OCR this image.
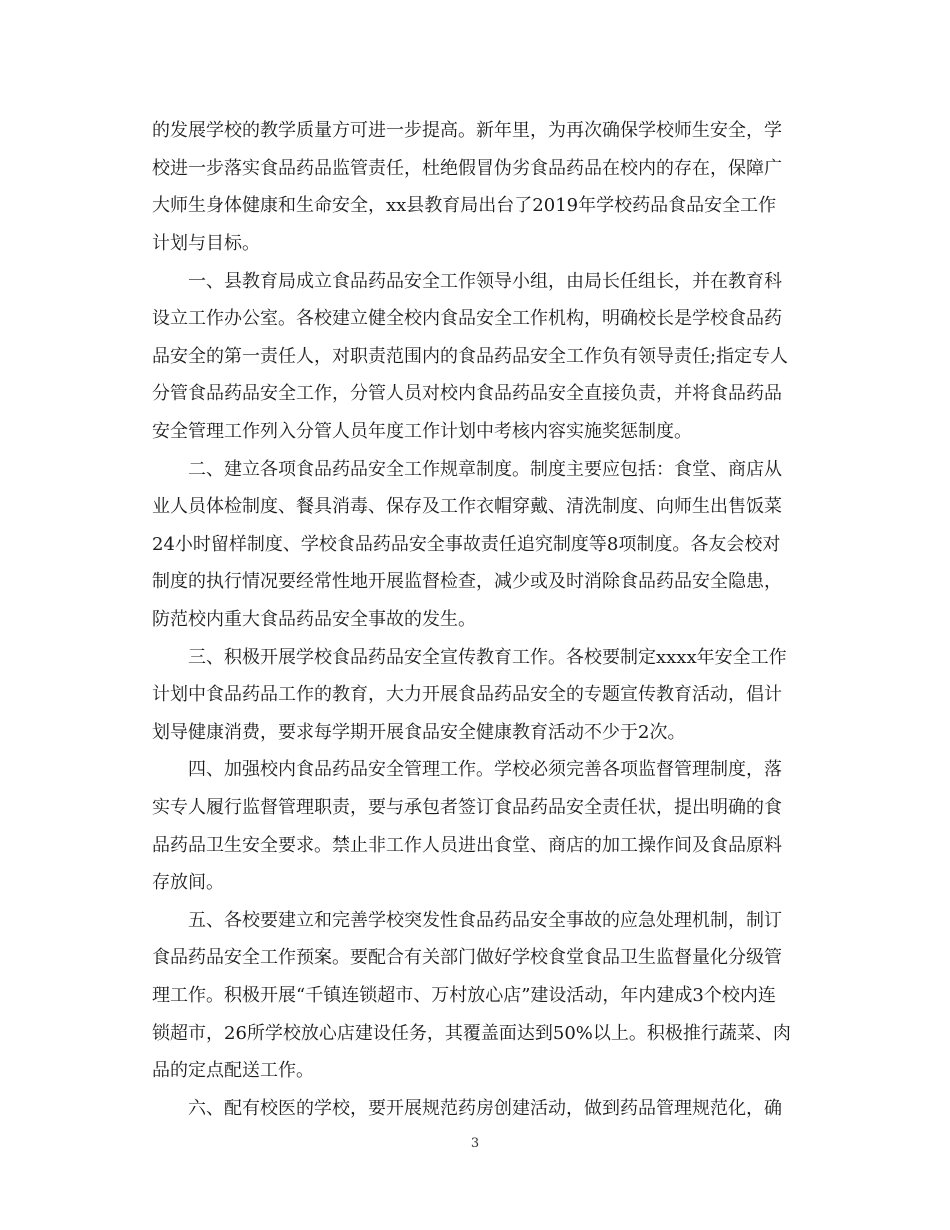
的发展学校的教学质量方可进一步提高。新年里，为再次确保学校师生安全，学
校进一步落实食品药品监管责任，杜绝假冒伪劣食品药品在校内的存在，保障广
大师生身体健康和生命安全，xx县教育局出台了2019年学校药品食品安全工作
计划与目标。
一、县教育局成立食品药品安全工作领导小组，由局长任组长，并在教育科
设立工作办公室。各校建立健全校内食品安全工作机构，明确校长是学校食品药
品安全的第一责任人，对职责范围内的食品药品安全工作负有领导责任;指定专人
分管食品药品安全工作，分管人员对校内食品药品安全直接负责，并将食品药品
安全管理工作列入分管人员年度工作计划中考核内容实施奖惩制度。
二、建立各项食品药品安全工作规章制度。制度主要应包括：食堂、商店从
业人员体检制度、餐具消毒、保存及工作衣帽穿戴、清洗制度、向师生出售饭菜
24小时留样制度、学校食品药品安全事故责任追究制度等8项制度。各友会校对
制度的执行情况要经常性地开展监督检查，减少或及时消除食品药品安全隐患，
防范校内重大食品药品安全事故的发生。
三、积极开展学校食品药品安全宣传教育工作。各校要制定xxxx年安全工作
计划中食品药品工作的教育，大力开展食品药品安全的专题宣传教育活动，倡计
划导健康消费，要求每学期开展食品安全健康教育活动不少于2次。
四、加强校内食品药品安全管理工作。学校必须完善各项监督管理制度，落
实专人履行监督管理职责，要与承包者签订食品药品安全责任状，提出明确的食
品药品卫生安全要求。禁止非工作人员进出食堂、商店的加工操作间及食品原料
存放间。
五、各校要建立和完善学校突发性食品药品安全事故的应急处理机制，制订
食品药品安全工作预案。要配合有关部门做好学校食堂食品卫生监督量化分级管
理工作。积极开展“千镇连锁超市、万村放心店”建设活动，年内建成3个校内连
锁超市，26所学校放心店建设任务，其覆盖面达到50%以上。积极推行蔬菜、肉
品的定点配送工作。
六、配有校医的学校，要开展规范药房创建活动，做到药品管理规范化，确
3
